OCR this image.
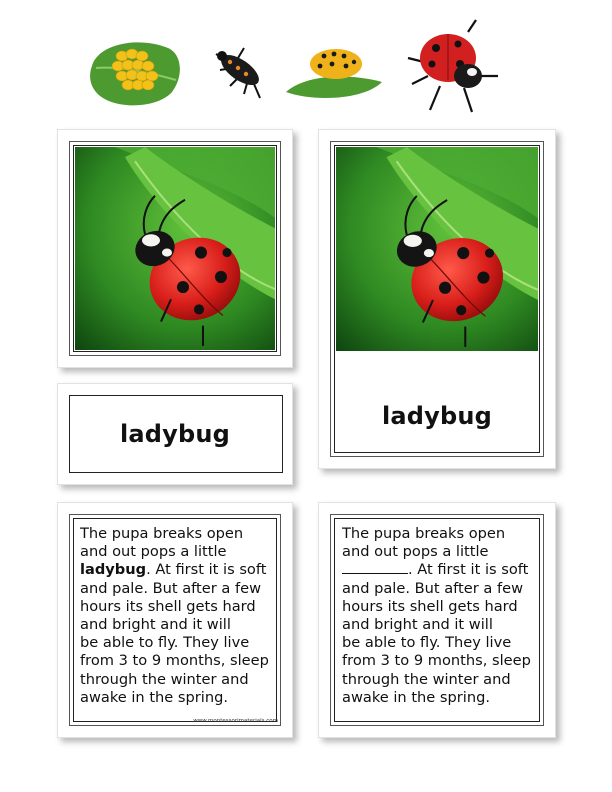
ladybug
ladybug
The pupa breaks open
and out pops a little
ladybug. At first it is soft
and pale. But after a few
hours its shell gets hard
and bright and it will
be able to fly. They live
from 3 to 9 months, sleep
through the winter and
awake in the spring.
www.montessorimaterials.com
The pupa breaks open
and out pops a little
. At first it is soft
and pale. But after a few
hours its shell gets hard
and bright and it will
be able to fly. They live
from 3 to 9 months, sleep
through the winter and
awake in the spring.
